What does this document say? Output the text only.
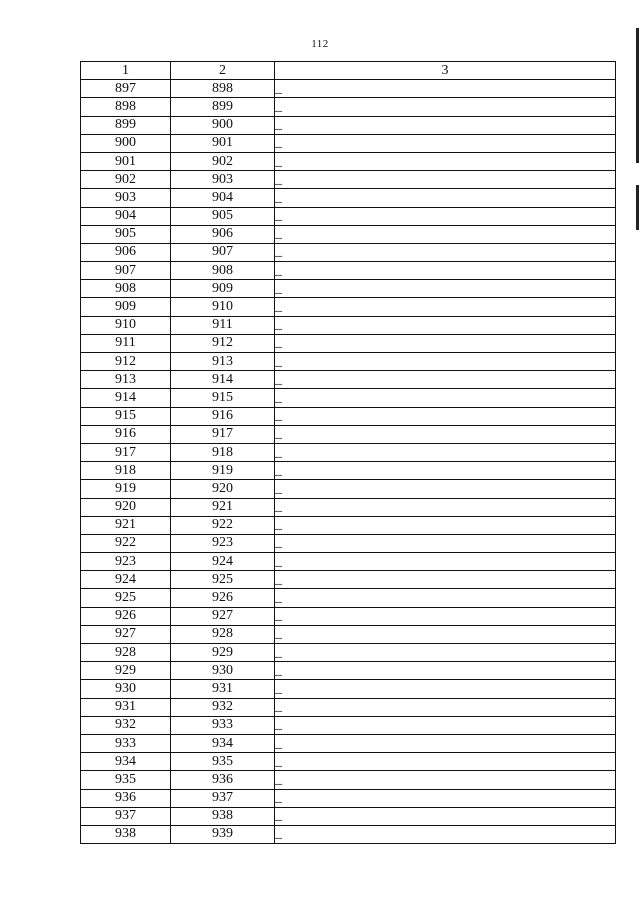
112
1	2	3
897	898	_
898	899	_
899	900	_
900	901	_
901	902	_
902	903	_
903	904	_
904	905	_
905	906	_
906	907	_
907	908	_
908	909	_
909	910	_
910	911	_
911	912	_
912	913	_
913	914	_
914	915	_
915	916	_
916	917	_
917	918	_
918	919	_
919	920	_
920	921	_
921	922	_
922	923	_
923	924	_
924	925	_
925	926	_
926	927	_
927	928	_
928	929	_
929	930	_
930	931	_
931	932	_
932	933	_
933	934	_
934	935	_
935	936	_
936	937	_
937	938	_
938	939	_
